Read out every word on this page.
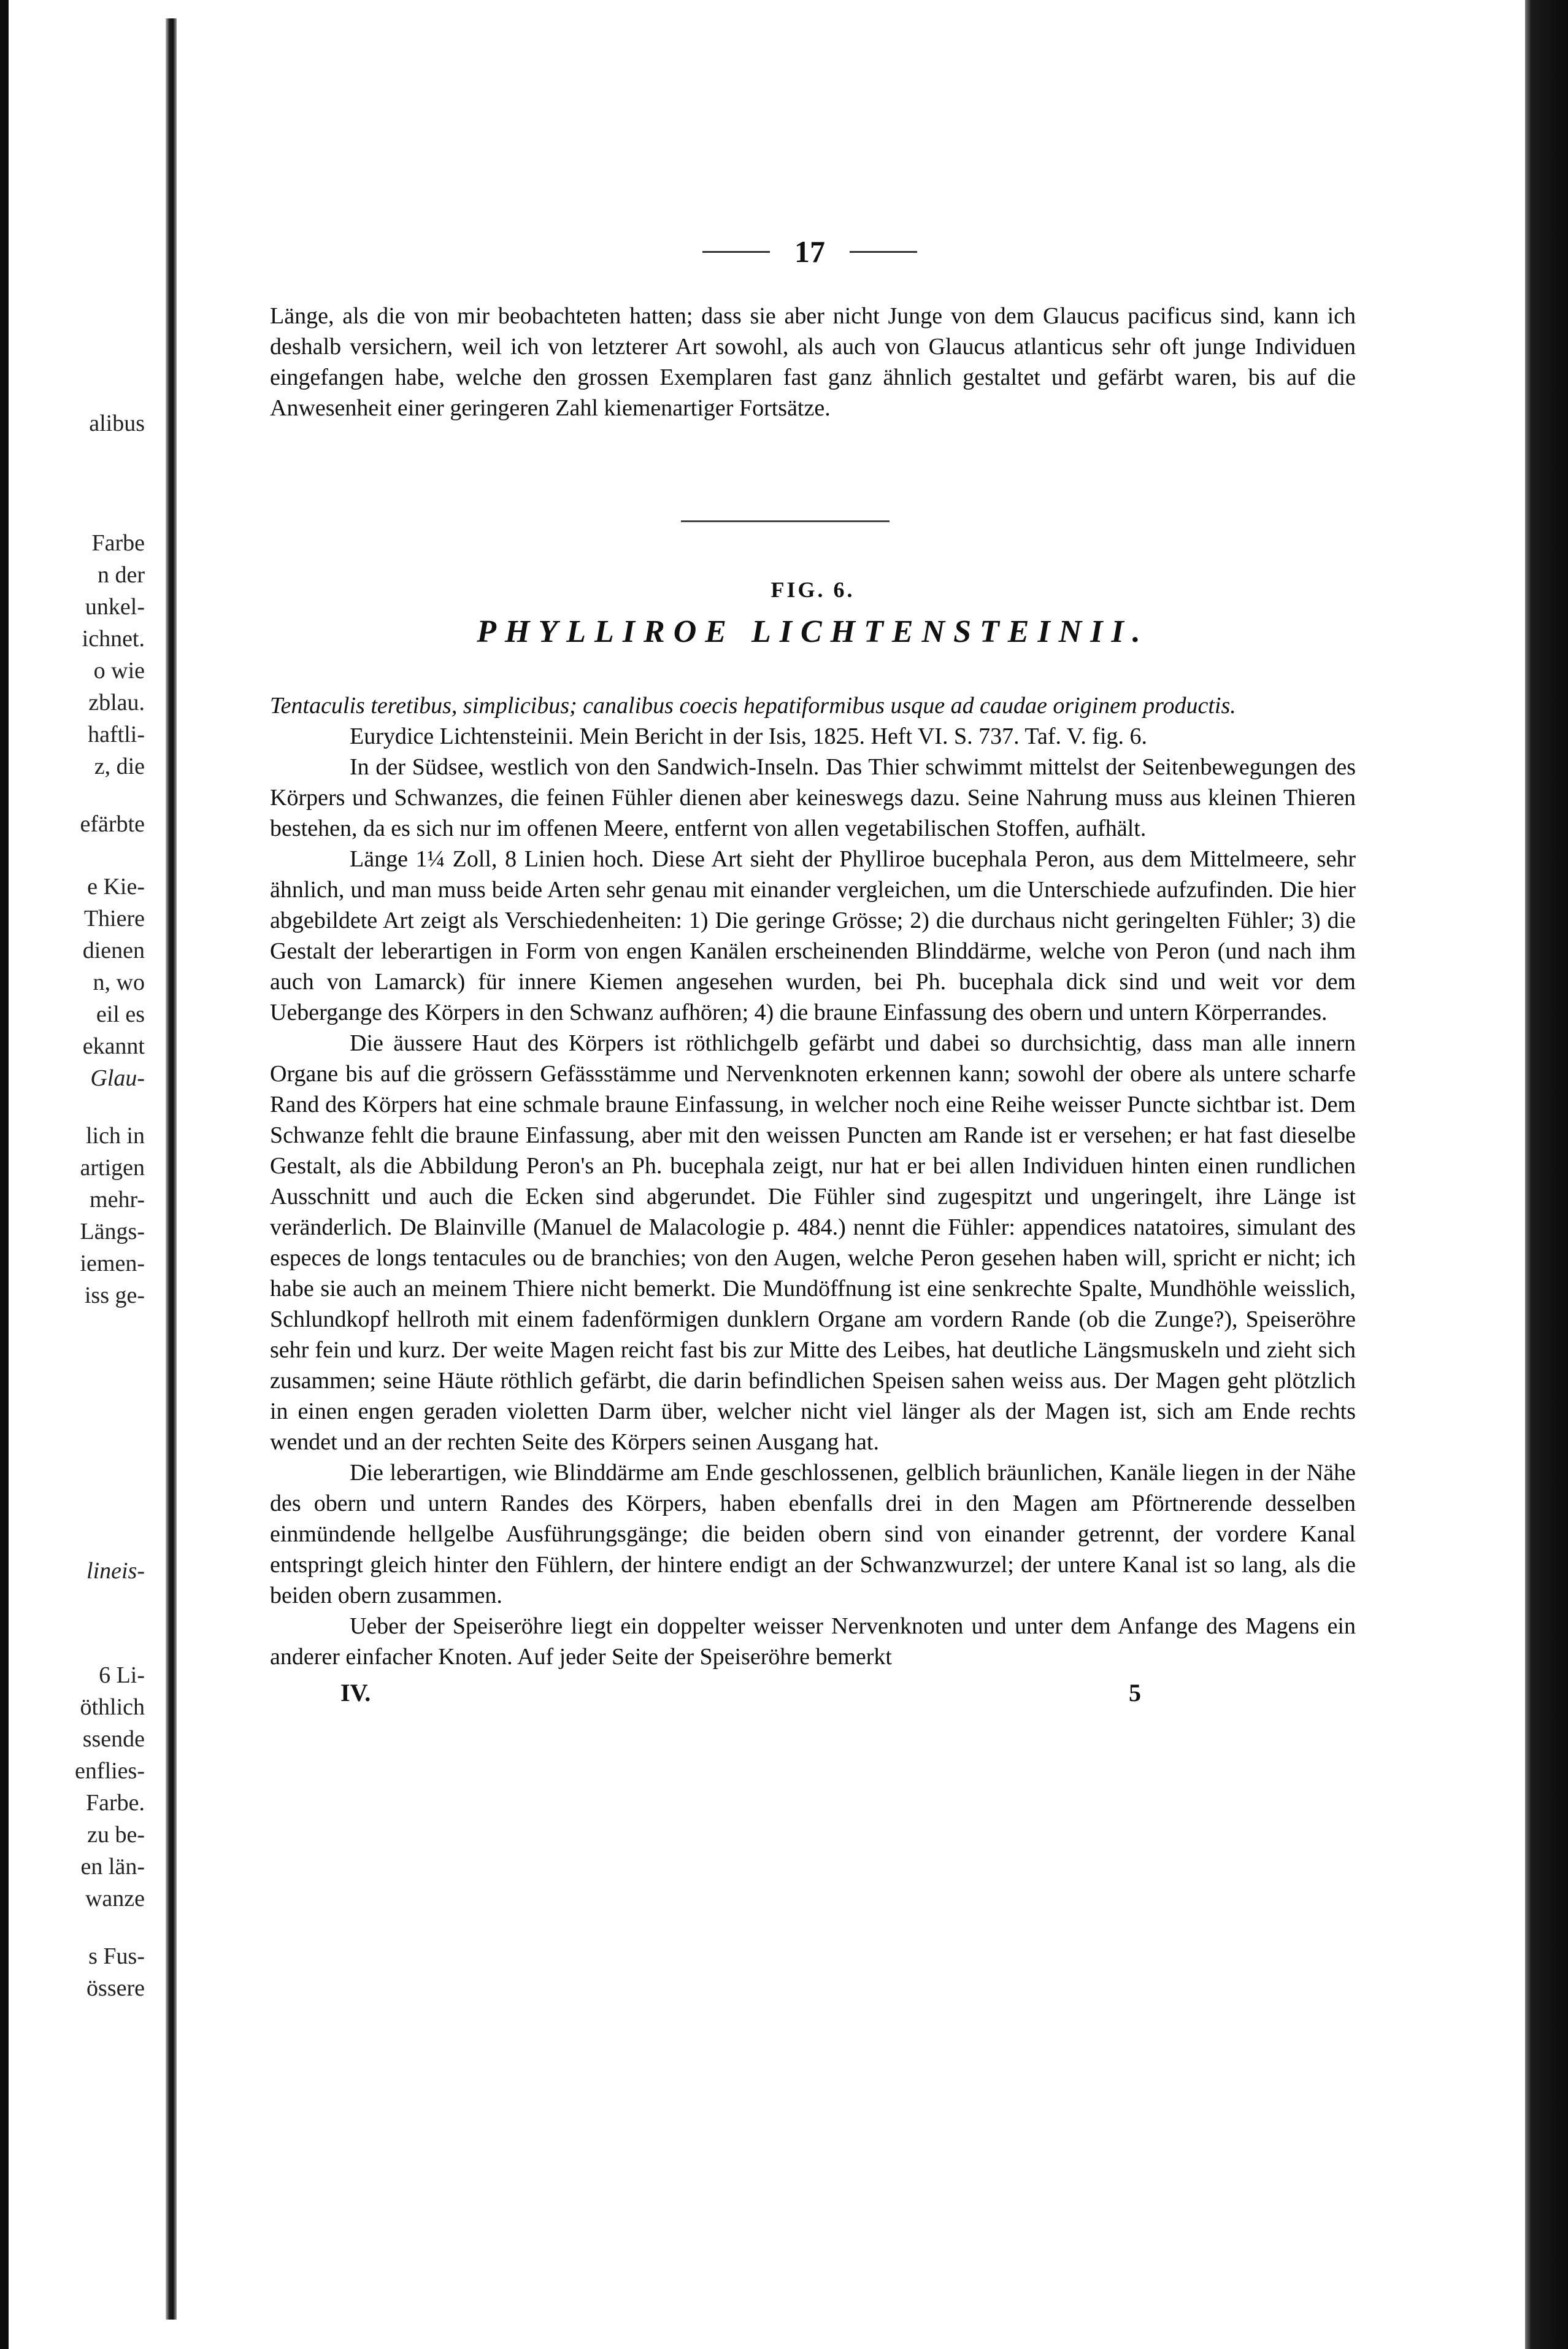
alibus
Farbe
n der
unkel-
ichnet.
o wie
zblau.
haftli-
z, die
efärbte
e Kie-
Thiere
dienen
n, wo
eil es
ekannt
Glau-
lich in
artigen
mehr-
Längs-
iemen-
iss ge-
lineis-
6 Li-
öthlich
ssende
enflies-
Farbe.
zu be-
en län-
wanze
s Fus-
össere
17

Länge, als die von mir beobachteten hatten; dass sie aber nicht Junge von dem Glaucus pacificus sind, kann ich deshalb versichern, weil ich von letzterer Art sowohl, als auch von Glaucus atlanticus sehr oft junge Individuen eingefangen habe, welche den grossen Exemplaren fast ganz ähnlich gestaltet und gefärbt waren, bis auf die Anwesenheit einer geringeren Zahl kiemenartiger Fortsätze.

FIG. 6.
PHYLLIROE LICHTENSTEINII.

Tentaculis teretibus, simplicibus; canalibus coecis hepatiformibus usque ad caudae originem productis.

Eurydice Lichtensteinii. Mein Bericht in der Isis, 1825. Heft VI. S. 737. Taf. V. fig. 6.

In der Südsee, westlich von den Sandwich-Inseln. Das Thier schwimmt mittelst der Seitenbewegungen des Körpers und Schwanzes, die feinen Fühler dienen aber keineswegs dazu. Seine Nahrung muss aus kleinen Thieren bestehen, da es sich nur im offenen Meere, entfernt von allen vegetabilischen Stoffen, aufhält.

Länge 1¼ Zoll, 8 Linien hoch. Diese Art sieht der Phylliroe bucephala Peron, aus dem Mittelmeere, sehr ähnlich, und man muss beide Arten sehr genau mit einander vergleichen, um die Unterschiede aufzufinden. Die hier abgebildete Art zeigt als Verschiedenheiten: 1) Die geringe Grösse; 2) die durchaus nicht geringelten Fühler; 3) die Gestalt der leberartigen in Form von engen Kanälen erscheinenden Blinddärme, welche von Peron (und nach ihm auch von Lamarck) für innere Kiemen angesehen wurden, bei Ph. bucephala dick sind und weit vor dem Uebergange des Körpers in den Schwanz aufhören; 4) die braune Einfassung des obern und untern Körperrandes.

Die äussere Haut des Körpers ist röthlichgelb gefärbt und dabei so durchsichtig, dass man alle innern Organe bis auf die grössern Gefässstämme und Nervenknoten erkennen kann; sowohl der obere als untere scharfe Rand des Körpers hat eine schmale braune Einfassung, in welcher noch eine Reihe weisser Puncte sichtbar ist. Dem Schwanze fehlt die braune Einfassung, aber mit den weissen Puncten am Rande ist er versehen; er hat fast dieselbe Gestalt, als die Abbildung Peron's an Ph. bucephala zeigt, nur hat er bei allen Individuen hinten einen rundlichen Ausschnitt und auch die Ecken sind abgerundet. Die Fühler sind zugespitzt und ungeringelt, ihre Länge ist veränderlich. De Blainville (Manuel de Malacologie p. 484.) nennt die Fühler: appendices natatoires, simulant des especes de longs tentacules ou de branchies; von den Augen, welche Peron gesehen haben will, spricht er nicht; ich habe sie auch an meinem Thiere nicht bemerkt. Die Mundöffnung ist eine senkrechte Spalte, Mundhöhle weisslich, Schlundkopf hellroth mit einem fadenförmigen dunklern Organe am vordern Rande (ob die Zunge?), Speiseröhre sehr fein und kurz. Der weite Magen reicht fast bis zur Mitte des Leibes, hat deutliche Längsmuskeln und zieht sich zusammen; seine Häute röthlich gefärbt, die darin befindlichen Speisen sahen weiss aus. Der Magen geht plötzlich in einen engen geraden violetten Darm über, welcher nicht viel länger als der Magen ist, sich am Ende rechts wendet und an der rechten Seite des Körpers seinen Ausgang hat.

Die leberartigen, wie Blinddärme am Ende geschlossenen, gelblich bräunlichen, Kanäle liegen in der Nähe des obern und untern Randes des Körpers, haben ebenfalls drei in den Magen am Pförtnerende desselben einmündende hellgelbe Ausführungsgänge; die beiden obern sind von einander getrennt, der vordere Kanal entspringt gleich hinter den Fühlern, der hintere endigt an der Schwanzwurzel; der untere Kanal ist so lang, als die beiden obern zusammen.

Ueber der Speiseröhre liegt ein doppelter weisser Nervenknoten und unter dem Anfange des Magens ein anderer einfacher Knoten. Auf jeder Seite der Speiseröhre bemerkt

IV.	5
